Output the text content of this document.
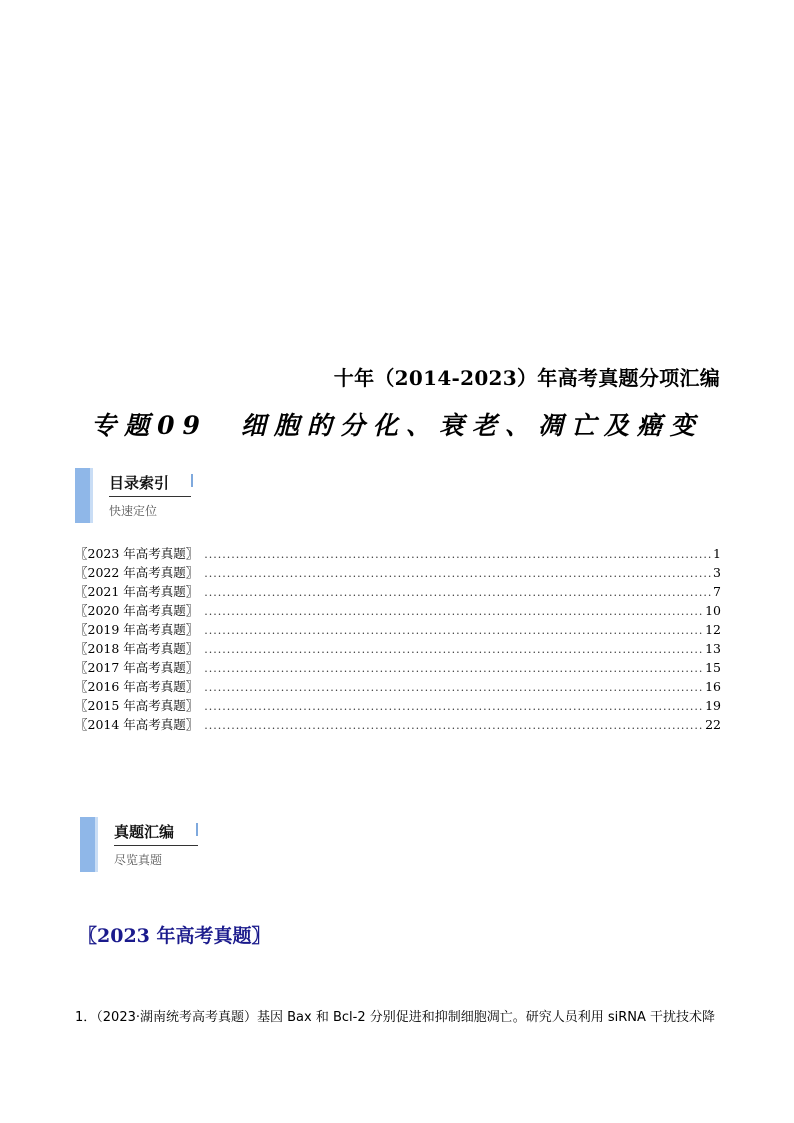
十年（2014-2023）年高考真题分项汇编
专题09　细胞的分化、衰老、凋亡及癌变
目录索引
快速定位
〖2023 年高考真题〗 .....	1
〖2022 年高考真题〗 .....	3
〖2021 年高考真题〗 .....	7
〖2020 年高考真题〗 .....	10
〖2019 年高考真题〗 .....	12
〖2018 年高考真题〗 .....	13
〖2017 年高考真题〗 .....	15
〖2016 年高考真题〗 .....	16
〖2015 年高考真题〗 .....	19
〖2014 年高考真题〗 .....	22
真题汇编
尽览真题
〖2023 年高考真题〗
1．（2023·湖南统考高考真题）基因 Bax 和 Bcl-2 分别促进和抑制细胞凋亡。研究人员利用 siRNA 干扰技术降
